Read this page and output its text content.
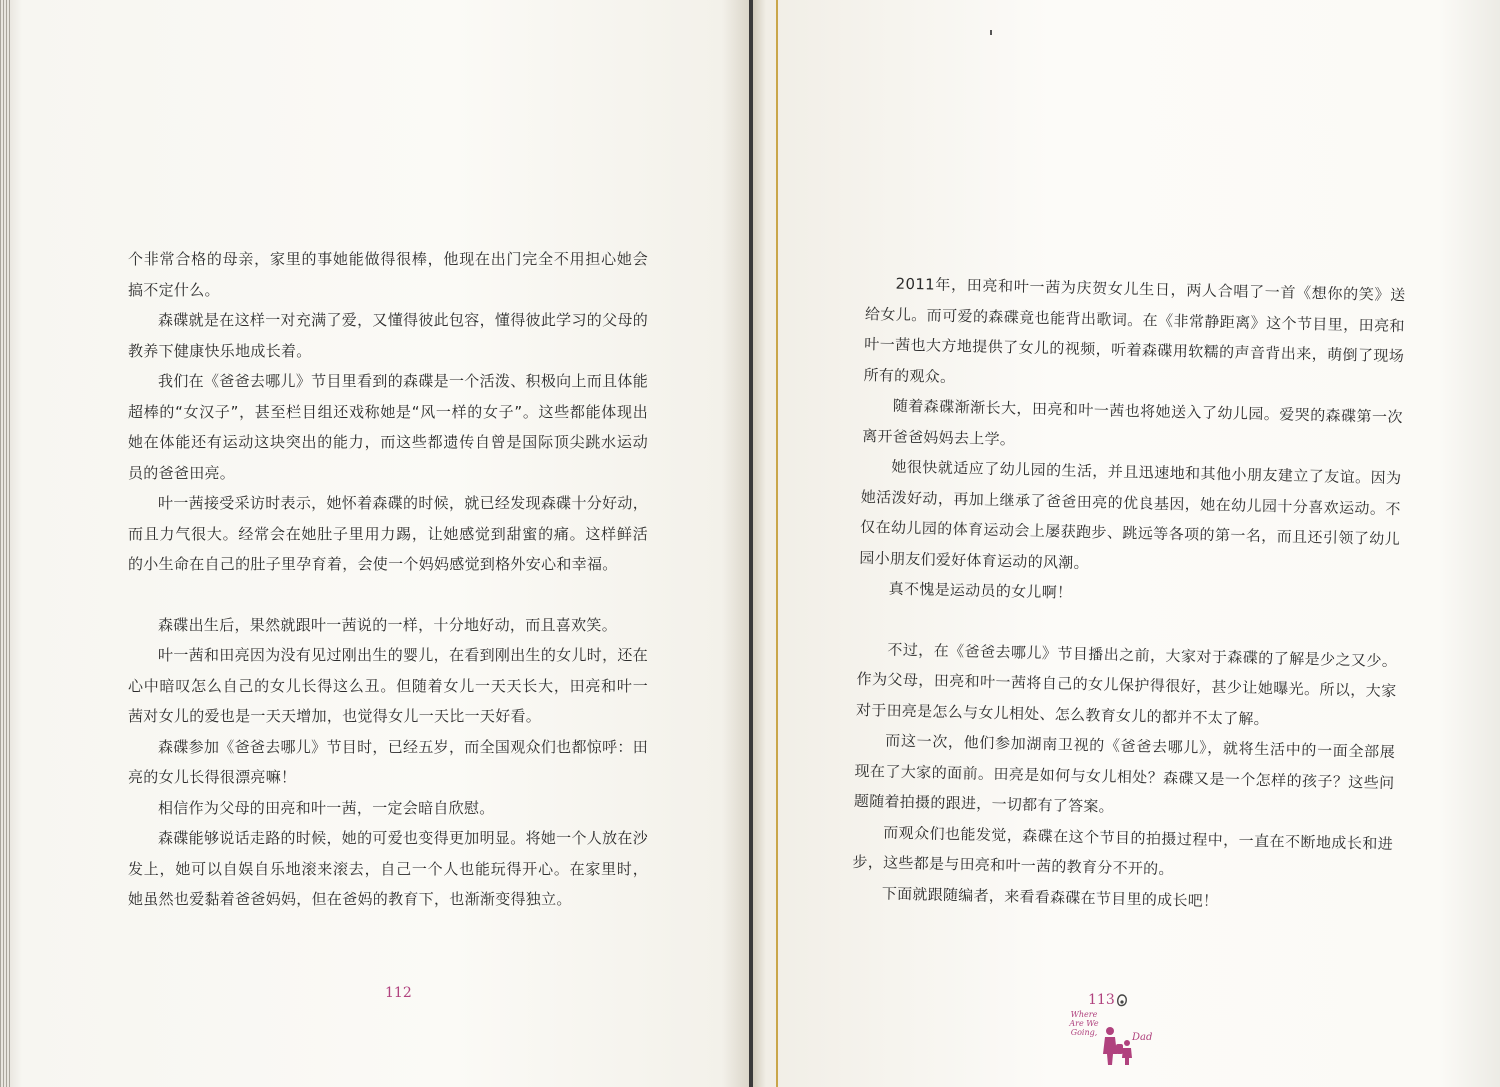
个非常合格的母亲，家里的事她能做得很棒，他现在出门完全不用担心她会搞不定什么。

森碟就是在这样一对充满了爱，又懂得彼此包容，懂得彼此学习的父母的教养下健康快乐地成长着。

我们在《爸爸去哪儿》节目里看到的森碟是一个活泼、积极向上而且体能超棒的“女汉子”，甚至栏目组还戏称她是“风一样的女子”。这些都能体现出她在体能还有运动这块突出的能力，而这些都遗传自曾是国际顶尖跳水运动员的爸爸田亮。

叶一茜接受采访时表示，她怀着森碟的时候，就已经发现森碟十分好动，而且力气很大。经常会在她肚子里用力踢，让她感觉到甜蜜的痛。这样鲜活的小生命在自己的肚子里孕育着，会使一个妈妈感觉到格外安心和幸福。

森碟出生后，果然就跟叶一茜说的一样，十分地好动，而且喜欢笑。

叶一茜和田亮因为没有见过刚出生的婴儿，在看到刚出生的女儿时，还在心中暗叹怎么自己的女儿长得这么丑。但随着女儿一天天长大，田亮和叶一茜对女儿的爱也是一天天增加，也觉得女儿一天比一天好看。

森碟参加《爸爸去哪儿》节目时，已经五岁，而全国观众们也都惊呼：田亮的女儿长得很漂亮嘛！

相信作为父母的田亮和叶一茜，一定会暗自欣慰。

森碟能够说话走路的时候，她的可爱也变得更加明显。将她一个人放在沙发上，她可以自娱自乐地滚来滚去，自己一个人也能玩得开心。在家里时，她虽然也爱黏着爸爸妈妈，但在爸妈的教育下，也渐渐变得独立。

112

2011年，田亮和叶一茜为庆贺女儿生日，两人合唱了一首《想你的笑》送给女儿。而可爱的森碟竟也能背出歌词。在《非常静距离》这个节目里，田亮和叶一茜也大方地提供了女儿的视频，听着森碟用软糯的声音背出来，萌倒了现场所有的观众。

随着森碟渐渐长大，田亮和叶一茜也将她送入了幼儿园。爱哭的森碟第一次离开爸爸妈妈去上学。

她很快就适应了幼儿园的生活，并且迅速地和其他小朋友建立了友谊。因为她活泼好动，再加上继承了爸爸田亮的优良基因，她在幼儿园十分喜欢运动。不仅在幼儿园的体育运动会上屡获跑步、跳远等各项的第一名，而且还引领了幼儿园小朋友们爱好体育运动的风潮。

真不愧是运动员的女儿啊！

不过，在《爸爸去哪儿》节目播出之前，大家对于森碟的了解是少之又少。作为父母，田亮和叶一茜将自己的女儿保护得很好，甚少让她曝光。所以，大家对于田亮是怎么与女儿相处、怎么教育女儿的都并不太了解。

而这一次，他们参加湖南卫视的《爸爸去哪儿》，就将生活中的一面全部展现在了大家的面前。田亮是如何与女儿相处？森碟又是一个怎样的孩子？这些问题随着拍摄的跟进，一切都有了答案。

而观众们也能发觉，森碟在这个节目的拍摄过程中，一直在不断地成长和进步，这些都是与田亮和叶一茜的教育分不开的。

下面就跟随编者，来看看森碟在节目里的成长吧！

113
Where
Are We
Going,	Dad
